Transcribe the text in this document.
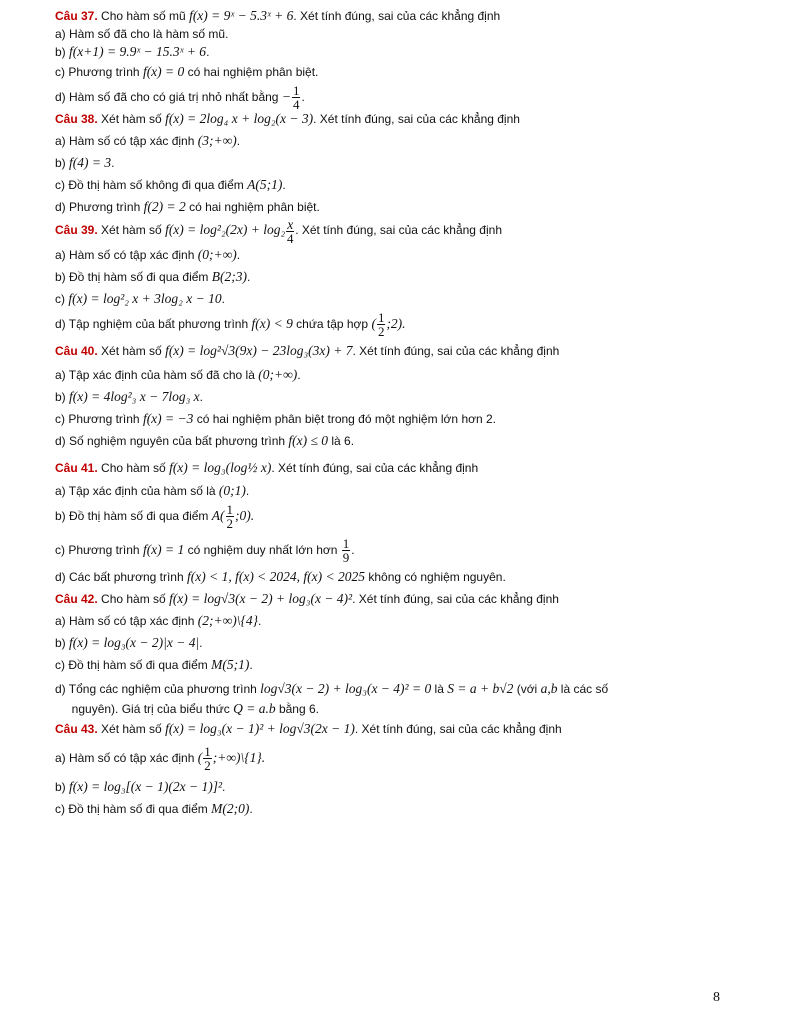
Câu 37. Cho hàm số mũ f(x) = 9ˣ − 5.3ˣ + 6. Xét tính đúng, sai của các khẳng định
a) Hàm số đã cho là hàm số mũ.
b) f(x+1) = 9.9ˣ − 15.3ˣ + 6.
c) Phương trình f(x) = 0 có hai nghiệm phân biệt.
d) Hàm số đã cho có giá trị nhỏ nhất bằng − $\frac{1}{4}$ .
Câu 38. Xét hàm số f(x) = 2log₄ x + log₂(x − 3). Xét tính đúng, sai của các khẳng định
a) Hàm số có tập xác định (3;+∞).
b) f(4) = 3.
c) Đồ thị hàm số không đi qua điểm A(5;1).
d) Phương trình f(2) = 2 có hai nghiệm phân biệt.
Câu 39. Xét hàm số $f(x) = \log^2_2(2x) + \log_2 \frac{x}{4}$ . Xét tính đúng, sai của các khẳng định
a) Hàm số có tập xác định (0;+∞).
b) Đồ thị hàm số đi qua điểm B(2;3).
c) f(x) = log²₂ x + 3log₂ x − 10.
d) Tập nghiệm của bất phương trình f(x) < 9 chứa tập hợp ( $\frac{1}{2}$ ;2).
Câu 40. Xét hàm số f(x) = log²√3(9x) − 23log₃(3x) + 7. Xét tính đúng, sai của các khẳng định
a) Tập xác định của hàm số đã cho là (0;+∞).
b) f(x) = 4log²₃ x − 7log₃ x.
c) Phương trình f(x) = −3 có hai nghiệm phân biệt trong đó một nghiệm lớn hơn 2.
d) Số nghiệm nguyên của bất phương trình f(x) ≤ 0 là 6.
Câu 41. Cho hàm số f(x) = log₃(log½ x). Xét tính đúng, sai của các khẳng định
a) Tập xác định của hàm số là (0;1).
b) Đồ thị hàm số đi qua điểm $A( \frac{1}{2}$ ;0).
c) Phương trình f(x) = 1 có nghiệm duy nhất lớn hơn $\frac{1}{9}$ .
d) Các bất phương trình f(x) < 1, f(x) < 2024, f(x) < 2025 không có nghiệm nguyên.
Câu 42. Cho hàm số f(x) = log√3(x − 2) + log₃(x − 4)². Xét tính đúng, sai của các khẳng định
a) Hàm số có tập xác định (2;+∞)\{4}.
b) f(x) = log₃(x − 2)|x − 4|.
c) Đồ thị hàm số đi qua điểm M(5;1).
d) Tổng các nghiệm của phương trình log√3(x − 2) + log₃(x − 4)² = 0 là S = a + b√2 (với a,b là các số
nguyên). Giá trị của biểu thức Q = a.b bằng 6.
Câu 43. Xét hàm số f(x) = log₃(x − 1)² + log√3(2x − 1). Xét tính đúng, sai của các khẳng định
a) Hàm số có tập xác định ( $\frac{1}{2}$ ;+∞)\{1}.
b) f(x) = log₃[(x − 1)(2x − 1)]².
c) Đồ thị hàm số đi qua điểm M(2;0).
8
